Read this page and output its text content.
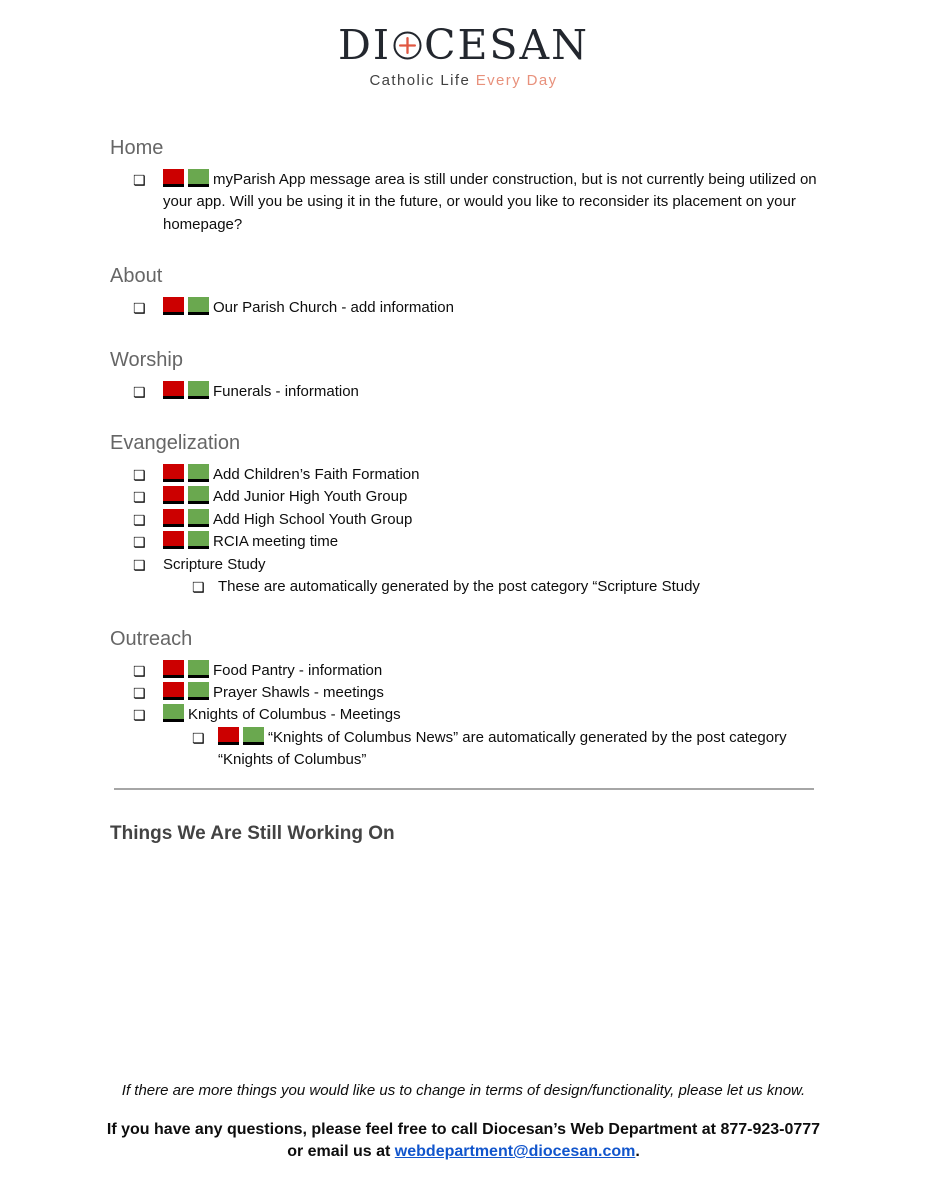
DI CESAN
Catholic Life Every Day
Home
❏	myParish App message area is still under construction, but is not currently being utilized on your app. Will you be using it in the future, or would you like to reconsider its placement on your homepage?
About
❏	Our Parish Church - add information
Worship
❏	Funerals - information
Evangelization
❏	Add Children’s Faith Formation
❏	Add Junior High Youth Group
❏	Add High School Youth Group
❏	RCIA meeting time
❏ Scripture Study
❏ These are automatically generated by the post category “Scripture Study
Outreach
❏	Food Pantry - information
❏	Prayer Shawls - meetings
❏	Knights of Columbus - Meetings
❏	“Knights of Columbus News” are automatically generated by the post category “Knights of Columbus”
Things We Are Still Working On

If there are more things you would like us to change in terms of design/functionality, please let us know.

If you have any questions, please feel free to call Diocesan’s Web Department at 877-923-0777 or email us at webdepartment@diocesan.com.
